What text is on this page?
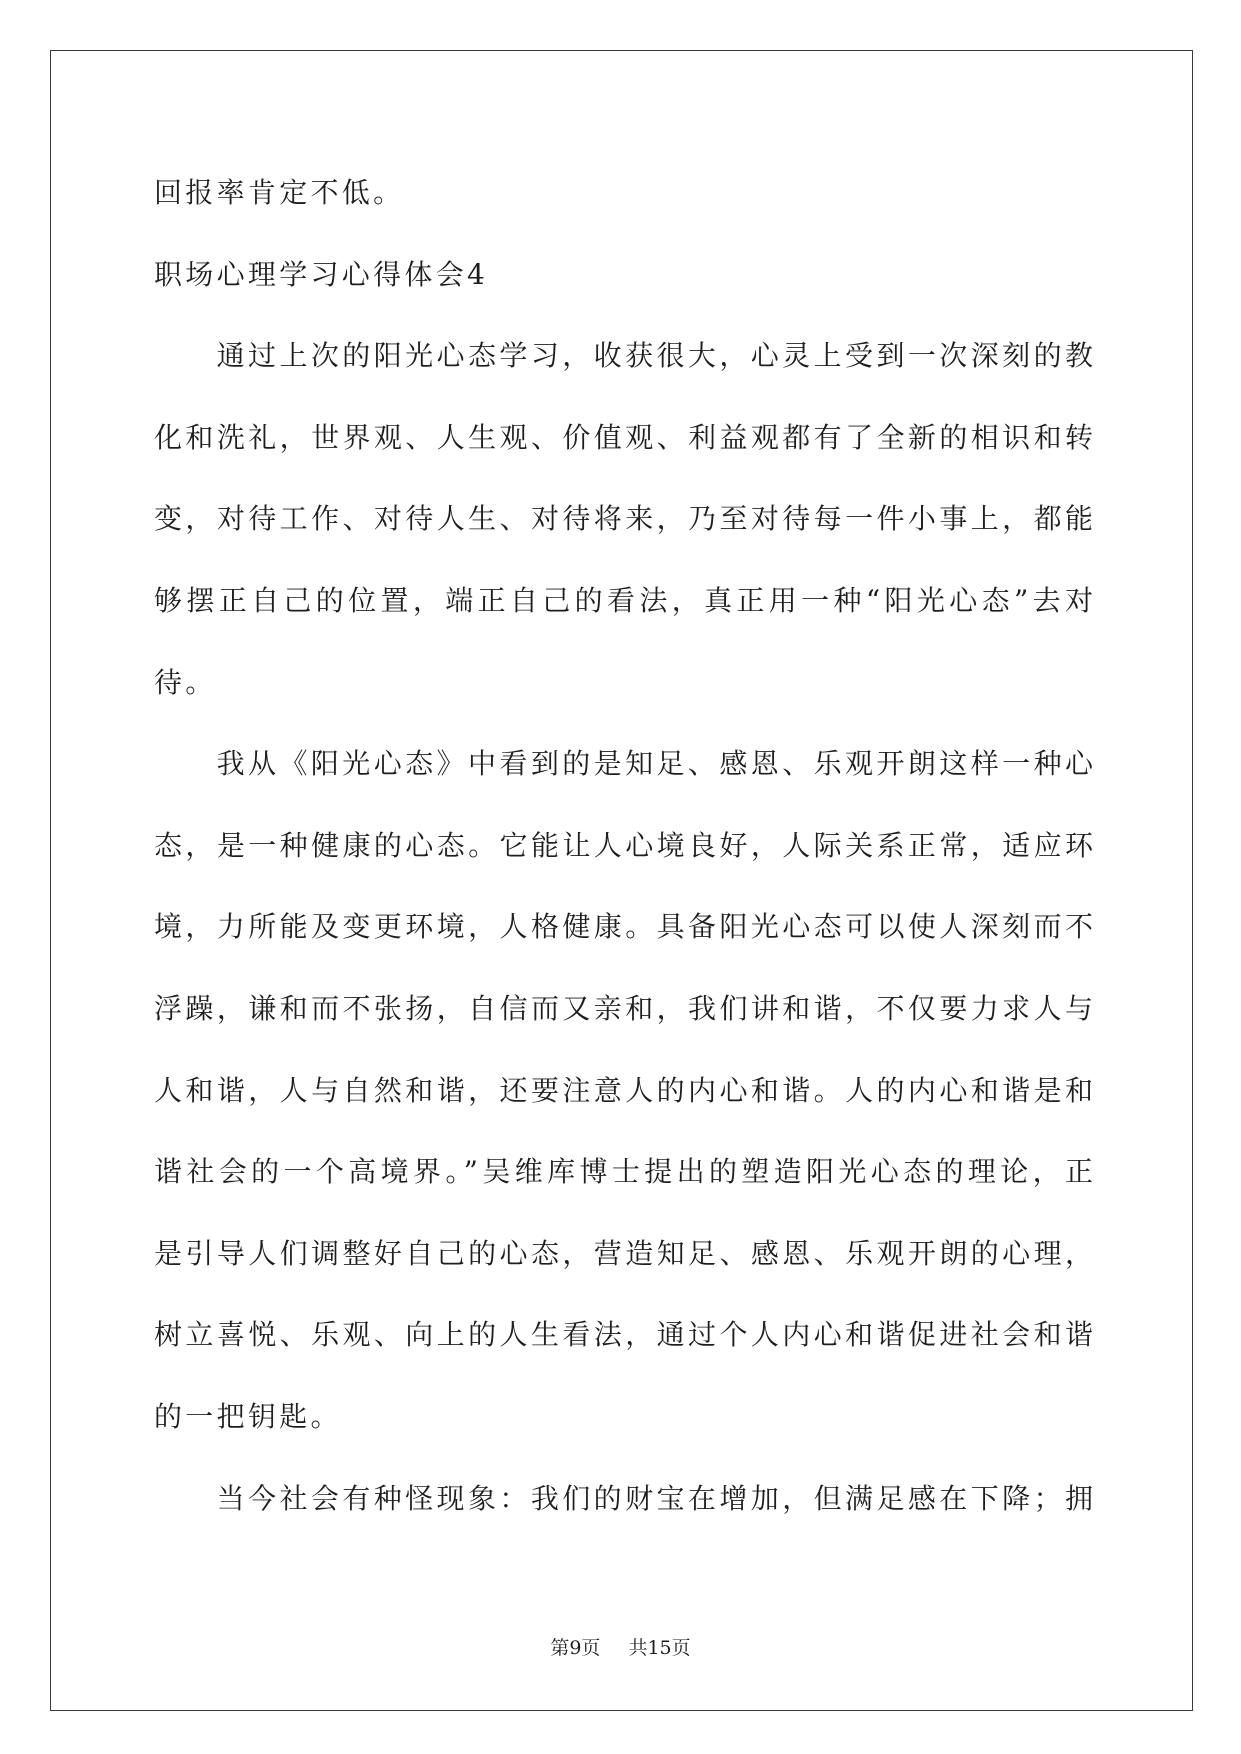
回报率肯定不低。
职场心理学习心得体会4
通过上次的阳光心态学习，收获很大，心灵上受到一次深刻的教
化和洗礼，世界观、人生观、价值观、利益观都有了全新的相识和转
变，对待工作、对待人生、对待将来，乃至对待每一件小事上，都能
够摆正自己的位置，端正自己的看法，真正用一种“阳光心态”去对
待。
我从《阳光心态》中看到的是知足、感恩、乐观开朗这样一种心
态，是一种健康的心态。它能让人心境良好，人际关系正常，适应环
境，力所能及变更环境，人格健康。具备阳光心态可以使人深刻而不
浮躁，谦和而不张扬，自信而又亲和，我们讲和谐，不仅要力求人与
人和谐，人与自然和谐，还要注意人的内心和谐。人的内心和谐是和
谐社会的一个高境界。”吴维库博士提出的塑造阳光心态的理论，正
是引导人们调整好自己的心态，营造知足、感恩、乐观开朗的心理，
树立喜悦、乐观、向上的人生看法，通过个人内心和谐促进社会和谐
的一把钥匙。
当今社会有种怪现象：我们的财宝在增加，但满足感在下降；拥
第9页 共15页
